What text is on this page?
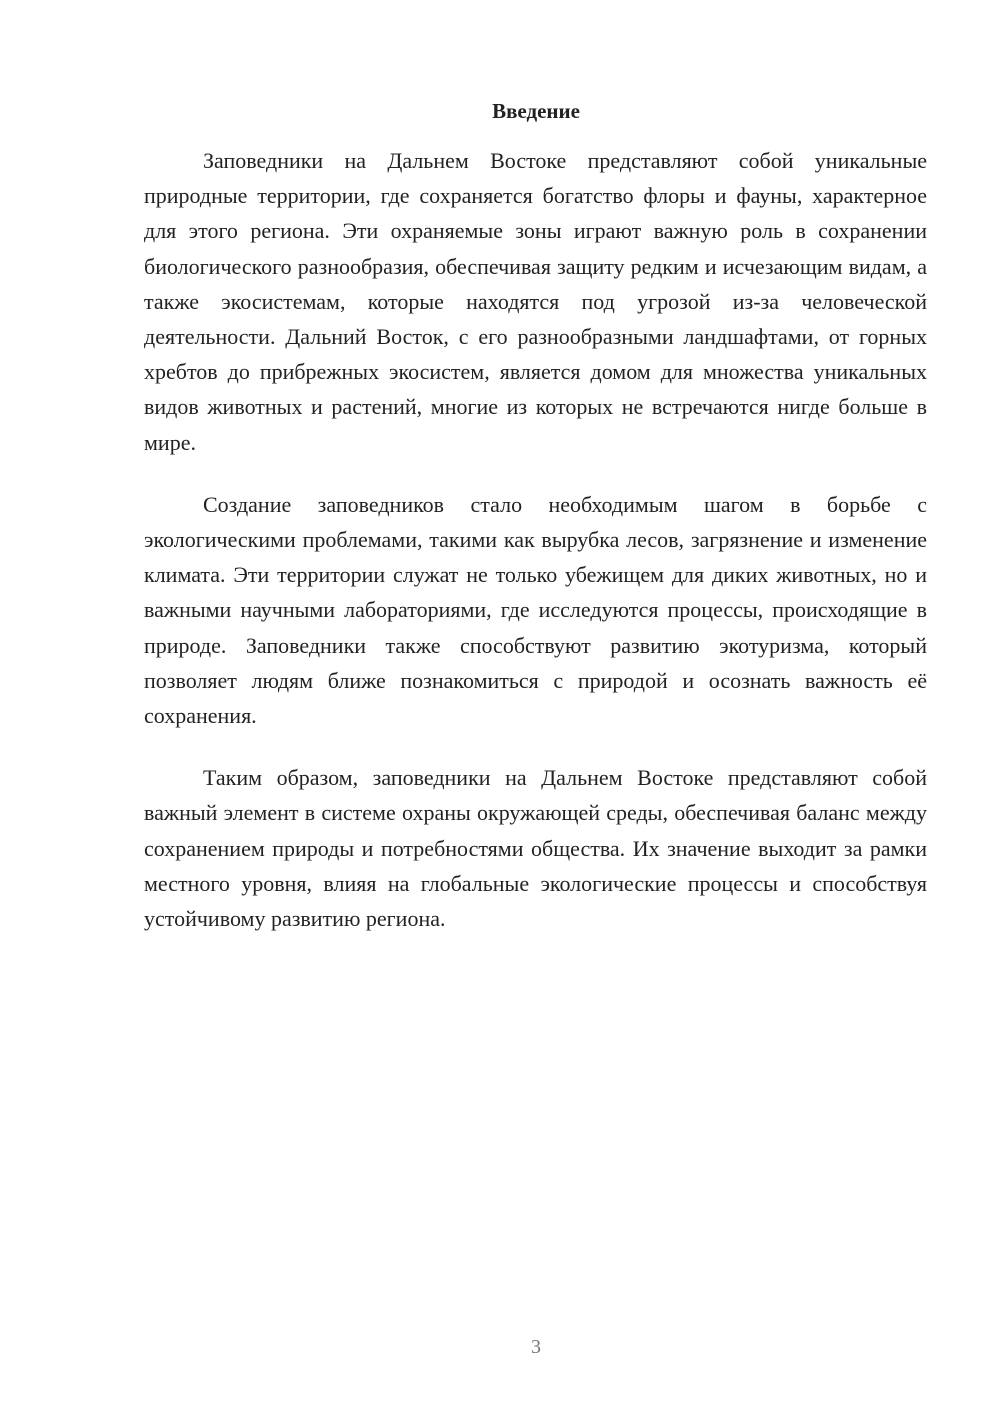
Введение

Заповедники на Дальнем Востоке представляют собой уникальные природные территории, где сохраняется богатство флоры и фауны, характерное для этого региона. Эти охраняемые зоны играют важную роль в сохранении биологического разнообразия, обеспечивая защиту редким и исчезающим видам, а также экосистемам, которые находятся под угрозой из-за человеческой деятельности. Дальний Восток, с его разнообразными ландшафтами, от горных хребтов до прибрежных экосистем, является домом для множества уникальных видов животных и растений, многие из которых не встречаются нигде больше в мире.

Создание заповедников стало необходимым шагом в борьбе с экологическими проблемами, такими как вырубка лесов, загрязнение и изменение климата. Эти территории служат не только убежищем для диких животных, но и важными научными лабораториями, где исследуются процессы, происходящие в природе. Заповедники также способствуют развитию экотуризма, который позволяет людям ближе познакомиться с природой и осознать важность её сохранения.

Таким образом, заповедники на Дальнем Востоке представляют собой важный элемент в системе охраны окружающей среды, обеспечивая баланс между сохранением природы и потребностями общества. Их значение выходит за рамки местного уровня, влияя на глобальные экологические процессы и способствуя устойчивому развитию региона.

3
